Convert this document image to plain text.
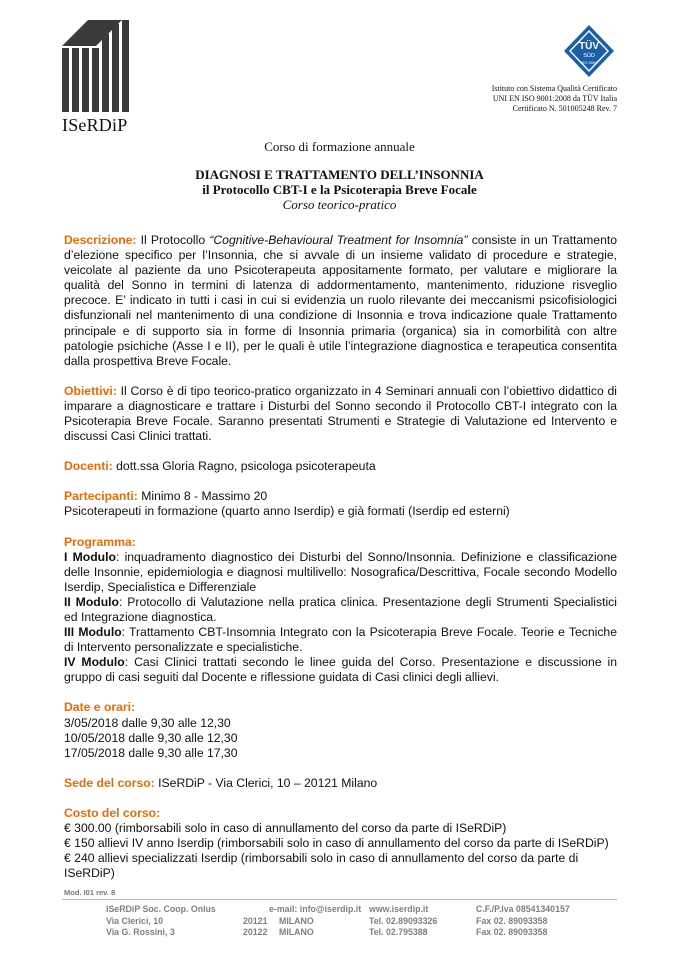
ISeRDiP
TÜV
SÜD
ISO 9001
Istituto con Sistema Qualità Certificato
UNI EN ISO 9001:2008 da TÜV Italia
Certificato N. 501005248 Rev. 7
Corso di formazione annuale
DIAGNOSI E TRATTAMENTO DELL’INSONNIA
il Protocollo CBT-I e la Psicoterapia Breve Focale
Corso teorico-pratico

Descrizione: Il Protocollo “Cognitive-Behavioural Treatment for Insomnia” consiste in un Trattamento d’elezione specifico per l’Insonnia, che si avvale di un insieme validato di procedure e strategie, veicolate al paziente da uno Psicoterapeuta appositamente formato, per valutare e migliorare la qualità del Sonno in termini di latenza di addormentamento, mantenimento, riduzione risveglio precoce. E’ indicato in tutti i casi in cui si evidenzia un ruolo rilevante dei meccanismi psicofisiologici disfunzionali nel mantenimento di una condizione di Insonnia e trova indicazione quale Trattamento principale e di supporto sia in forme di Insonnia primaria (organica) sia in comorbilità con altre patologie psichiche (Asse I e II), per le quali è utile l’integrazione diagnostica e terapeutica consentita dalla prospettiva Breve Focale.

Obiettivi: Il Corso è di tipo teorico-pratico organizzato in 4 Seminari annuali con l’obiettivo didattico di imparare a diagnosticare e trattare i Disturbi del Sonno secondo il Protocollo CBT-I integrato con la Psicoterapia Breve Focale. Saranno presentati Strumenti e Strategie di Valutazione ed Intervento e discussi Casi Clinici trattati.

Docenti: dott.ssa Gloria Ragno, psicologa psicoterapeuta

Partecipanti: Minimo 8 - Massimo 20
Psicoterapeuti in formazione (quarto anno Iserdip) e già formati (Iserdip ed esterni)

Programma:

I Modulo: inquadramento diagnostico dei Disturbi del Sonno/Insonnia. Definizione e classificazione delle Insonnie, epidemiologia e diagnosi multilivello: Nosografica/Descrittiva, Focale secondo Modello Iserdip, Specialistica e Differenziale

II Modulo: Protocollo di Valutazione nella pratica clinica. Presentazione degli Strumenti Specialistici ed Integrazione diagnostica.

III Modulo: Trattamento CBT-Insomnia Integrato con la Psicoterapia Breve Focale. Teorie e Tecniche di Intervento personalizzate e specialistiche.

IV Modulo: Casi Clinici trattati secondo le linee guida del Corso. Presentazione e discussione in gruppo di casi seguiti dal Docente e riflessione guidata di Casi clinici degli allievi.

Date e orari:

3/05/2018 dalle 9,30 alle 12,30

10/05/2018 dalle 9,30 alle 12,30

17/05/2018 dalle 9,30 alle 17,30

Sede del corso: ISeRDiP - Via Clerici, 10 – 20121 Milano

Costo del corso:

€ 300.00 (rimborsabili solo in caso di annullamento del corso da parte di ISeRDiP)

€ 150 allievi IV anno Iserdip (rimborsabili solo in caso di annullamento del corso da parte di ISeRDiP)

€ 240 allievi specializzati Iserdip (rimborsabili solo in caso di annullamento del corso da parte di ISeRDiP)

Mod. I01 rev. 8
ISeRDiP Soc. Coop. Onlus	e-mail: info@iserdip.it www.iserdip.it	C.F./P.Iva 08541340157
Via Clerici, 10	20121 MILANO	Tel. 02.89093326	Fax 02. 89093358
Via G. Rossini, 3	20122 MILANO	Tel. 02.795388	Fax 02. 89093358
